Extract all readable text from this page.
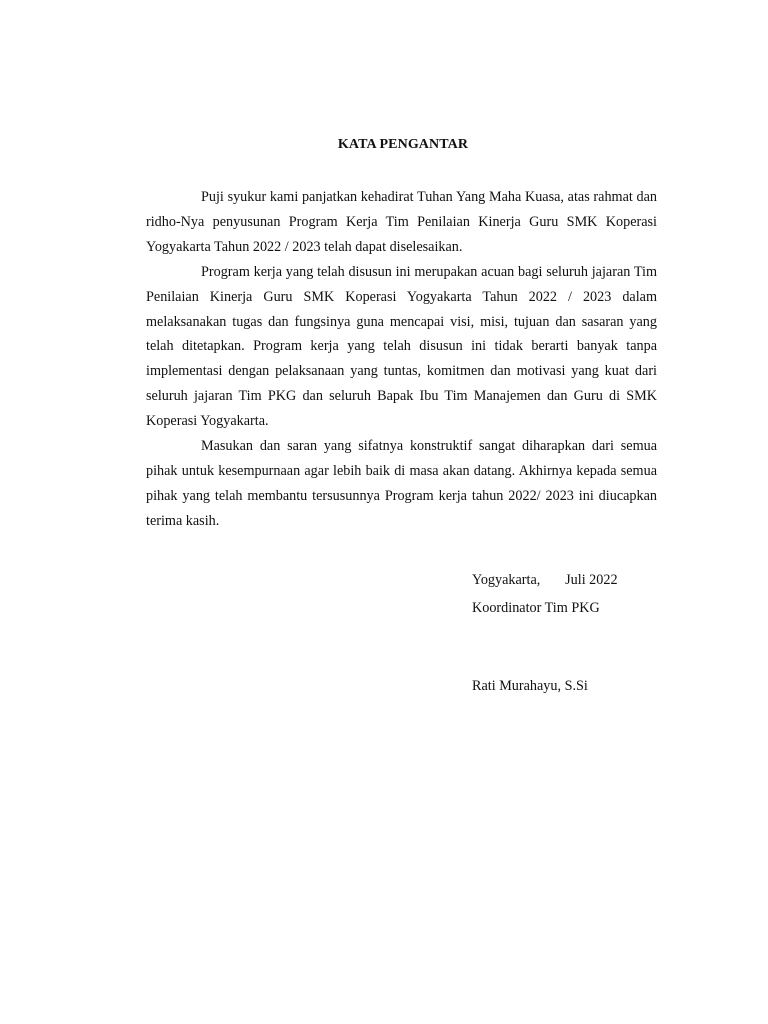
KATA PENGANTAR

Puji syukur kami panjatkan kehadirat Tuhan Yang Maha Kuasa, atas rahmat dan ridho-Nya penyusunan Program Kerja Tim Penilaian Kinerja Guru SMK Koperasi Yogyakarta Tahun 2022 / 2023 telah dapat diselesaikan.

Program kerja yang telah disusun ini merupakan acuan bagi seluruh jajaran Tim Penilaian Kinerja Guru SMK Koperasi Yogyakarta Tahun 2022 / 2023 dalam melaksanakan tugas dan fungsinya guna mencapai visi, misi, tujuan dan sasaran yang telah ditetapkan. Program kerja yang telah disusun ini tidak berarti banyak tanpa implementasi dengan pelaksanaan yang tuntas, komitmen dan motivasi yang kuat dari seluruh jajaran Tim PKG dan seluruh Bapak Ibu Tim Manajemen dan Guru di SMK Koperasi Yogyakarta.

Masukan dan saran yang sifatnya konstruktif sangat diharapkan dari semua pihak untuk kesempurnaan agar lebih baik di masa akan datang. Akhirnya kepada semua pihak yang telah membantu tersusunnya Program kerja tahun 2022/ 2023 ini diucapkan terima kasih.

Yogyakarta,       Juli 2022

Koordinator Tim PKG

Rati Murahayu, S.Si
